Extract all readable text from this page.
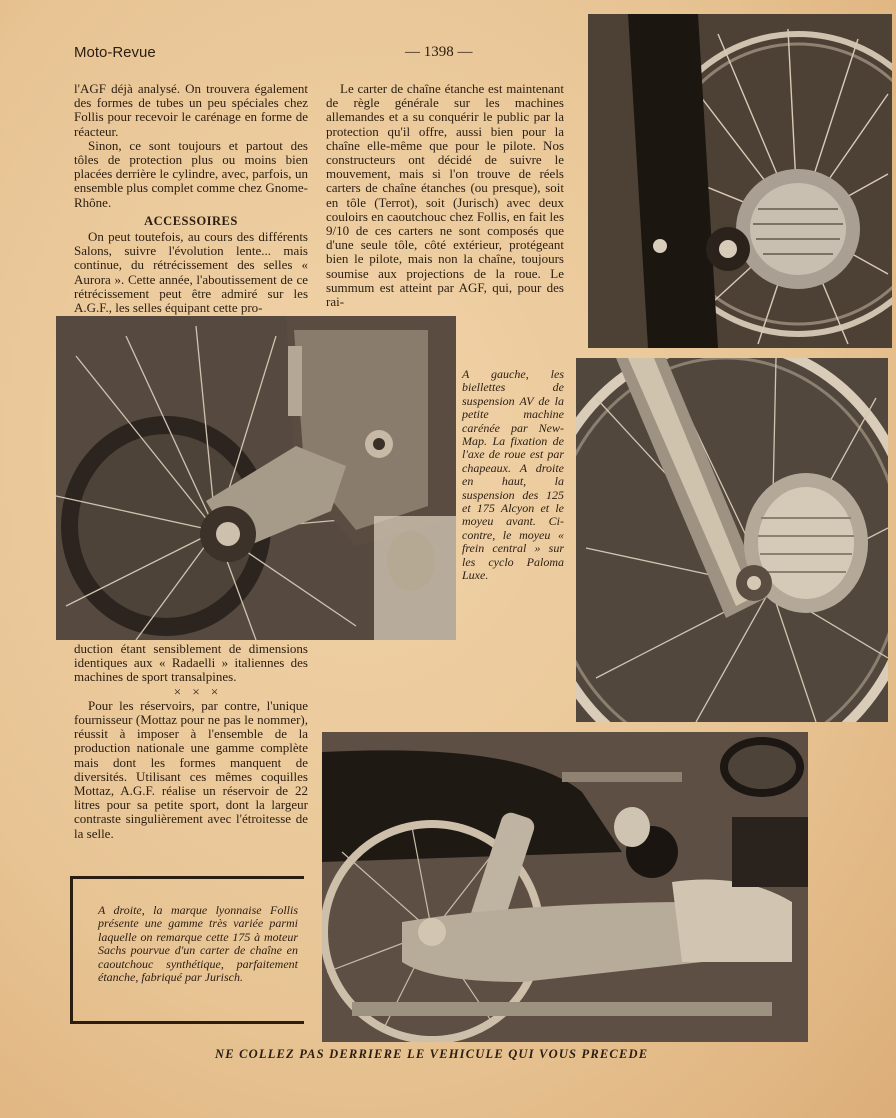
Moto-Revue	— 1398 —

l'AGF déjà analysé. On trouvera également des formes de tubes un peu spéciales chez Follis pour recevoir le carénage en forme de réacteur.

Sinon, ce sont toujours et partout des tôles de protection plus ou moins bien placées derrière le cylindre, avec, parfois, un ensemble plus complet comme chez Gnome-Rhône.

ACCESSOIRES

On peut toutefois, au cours des différents Salons, suivre l'évolution lente... mais continue, du rétrécissement des selles « Aurora ». Cette année, l'aboutissement de ce rétrécissement peut être admiré sur les A.G.F., les selles équipant cette pro-

Le carter de chaîne étanche est maintenant de règle générale sur les machines allemandes et a su conquérir le public par la protection qu'il offre, aussi bien pour la chaîne elle-même que pour le pilote. Nos constructeurs ont décidé de suivre le mouvement, mais si l'on trouve de réels carters de chaîne étanches (ou presque), soit en tôle (Terrot), soit (Jurisch) avec deux couloirs en caoutchouc chez Follis, en fait les 9/10 de ces carters ne sont composés que d'une seule tôle, côté extérieur, protégeant bien le pilote, mais non la chaîne, toujours soumise aux projections de la roue. Le summum est atteint par AGF, qui, pour des rai-

A gauche, les biellettes de suspension AV de la petite machine carénée par New-Map. La fixation de l'axe de roue est par chapeaux. A droite en haut, la suspension des 125 et 175 Alcyon et le moyeu avant. Ci-contre, le moyeu « frein central » sur les cyclo Paloma Luxe.

duction étant sensiblement de dimensions identiques aux « Radaelli » italiennes des machines de sport transalpines.

× × ×

Pour les réservoirs, par contre, l'unique fournisseur (Mottaz pour ne pas le nommer), réussit à imposer à l'ensemble de la production nationale une gamme complète mais dont les formes manquent de diversités. Utilisant ces mêmes coquilles Mottaz, A.G.F. réalise un réservoir de 22 litres pour sa petite sport, dont la largeur contraste singulièrement avec l'étroitesse de la selle.

A droite, la marque lyonnaise Follis présente une gamme très variée parmi laquelle on remarque cette 175 à moteur Sachs pourvue d'un carter de chaîne en caoutchouc synthétique, parfaitement étanche, fabriqué par Jurisch.
NE COLLEZ PAS DERRIERE LE VEHICULE QUI VOUS PRECEDE
